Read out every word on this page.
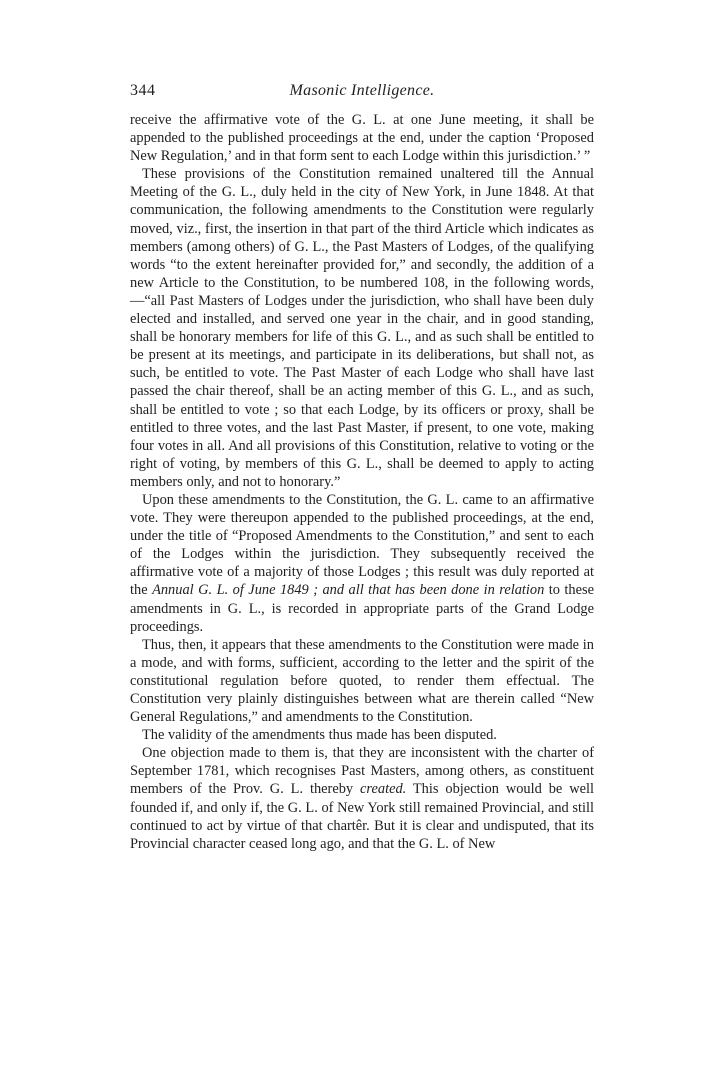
344	Masonic Intelligence.

receive the affirmative vote of the G. L. at one June meeting, it shall be appended to the published proceedings at the end, under the caption ‘Proposed New Regulation,’ and in that form sent to each Lodge within this jurisdiction.’ ”

These provisions of the Constitution remained unaltered till the Annual Meeting of the G. L., duly held in the city of New York, in June 1848. At that communication, the following amendments to the Constitution were regularly moved, viz., first, the insertion in that part of the third Article which indicates as members (among others) of G. L., the Past Masters of Lodges, of the qualifying words “to the extent hereinafter provided for,” and secondly, the addition of a new Article to the Constitution, to be numbered 108, in the following words,—“all Past Masters of Lodges under the jurisdiction, who shall have been duly elected and installed, and served one year in the chair, and in good standing, shall be honorary members for life of this G. L., and as such shall be entitled to be present at its meetings, and participate in its deliberations, but shall not, as such, be entitled to vote. The Past Master of each Lodge who shall have last passed the chair thereof, shall be an acting member of this G. L., and as such, shall be entitled to vote ; so that each Lodge, by its officers or proxy, shall be entitled to three votes, and the last Past Master, if present, to one vote, making four votes in all. And all provisions of this Constitution, relative to voting or the right of voting, by members of this G. L., shall be deemed to apply to acting members only, and not to honorary.”

Upon these amendments to the Constitution, the G. L. came to an affirmative vote. They were thereupon appended to the published proceedings, at the end, under the title of “Proposed Amendments to the Constitution,” and sent to each of the Lodges within the jurisdiction. They subsequently received the affirmative vote of a majority of those Lodges ; this result was duly reported at the Annual G. L. of June 1849 ; and all that has been done in relation to these amendments in G. L., is recorded in appropriate parts of the Grand Lodge proceedings.

Thus, then, it appears that these amendments to the Constitution were made in a mode, and with forms, sufficient, according to the letter and the spirit of the constitutional regulation before quoted, to render them effectual. The Constitution very plainly distinguishes between what are therein called “New General Regulations,” and amendments to the Constitution.

The validity of the amendments thus made has been disputed.

One objection made to them is, that they are inconsistent with the charter of September 1781, which recognises Past Masters, among others, as constituent members of the Prov. G. L. thereby created. This objection would be well founded if, and only if, the G. L. of New York still remained Provincial, and still continued to act by virtue of that chartêr. But it is clear and undisputed, that its Provincial character ceased long ago, and that the G. L. of New
